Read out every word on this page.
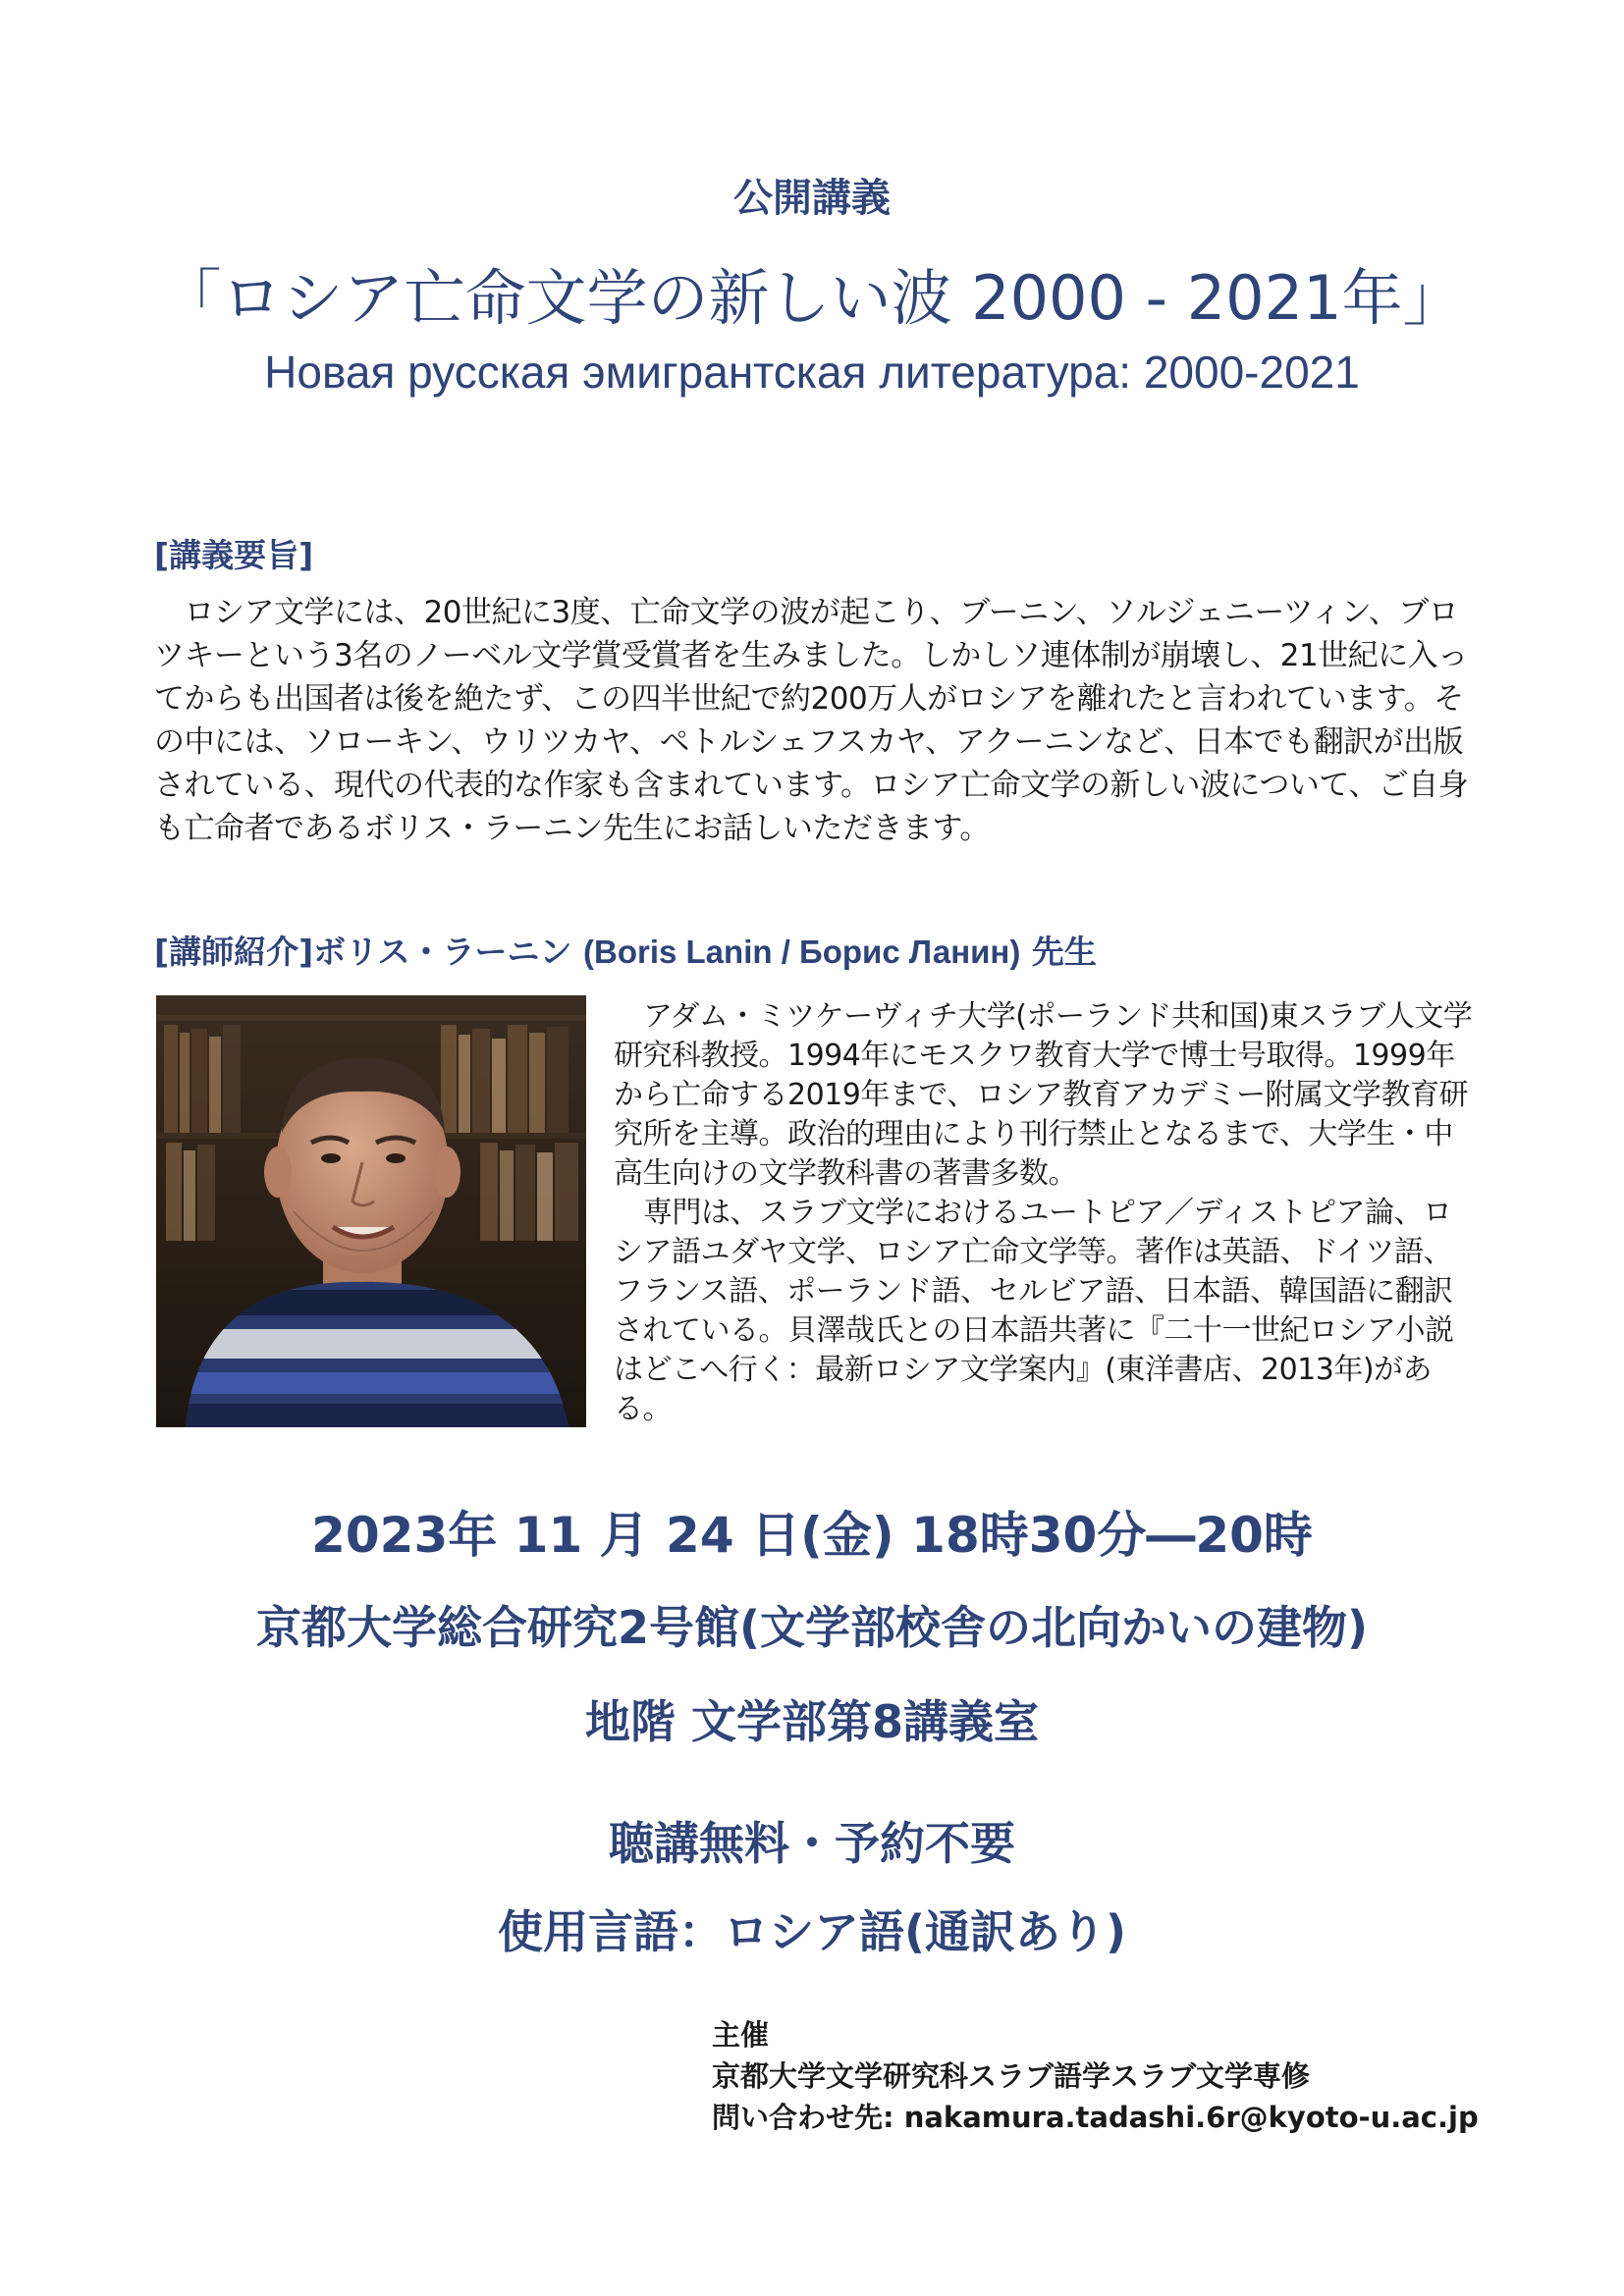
公開講義
「ロシア亡命文学の新しい波 2000 - 2021年」
Новая русская эмигрантская литература: 2000-2021
[講義要旨]

　ロシア文学には、20世紀に3度、亡命文学の波が起こり、ブーニン、ソルジェニーツィン、ブロツキーという3名のノーベル文学賞受賞者を生みました。しかしソ連体制が崩壊し、21世紀に入ってからも出国者は後を絶たず、この四半世紀で約200万人がロシアを離れたと言われています。その中には、ソローキン、ウリツカヤ、ペトルシェフスカヤ、アクーニンなど、日本でも翻訳が出版されている、現代の代表的な作家も含まれています。ロシア亡命文学の新しい波について、ご自身も亡命者であるボリス・ラーニン先生にお話しいただきます。

[講師紹介]ボリス・ラーニン (Boris Lanin / Борис Ланин) 先生

アダム・ミツケーヴィチ大学(ポーランド共和国)東スラブ人文学研究科教授。1994年にモスクワ教育大学で博士号取得。1999年から亡命する2019年まで、ロシア教育アカデミー附属文学教育研究所を主導。政治的理由により刊行禁止となるまで、大学生・中高生向けの文学教科書の著書多数。

専門は、スラブ文学におけるユートピア／ディストピア論、ロシア語ユダヤ文学、ロシア亡命文学等。著作は英語、ドイツ語、フランス語、ポーランド語、セルビア語、日本語、韓国語に翻訳されている。貝澤哉氏との日本語共著に『二十一世紀ロシア小説はどこへ行く：最新ロシア文学案内』(東洋書店、2013年)がある。

2023年 11 月 24 日(金) 18時30分―20時
京都大学総合研究2号館(文学部校舎の北向かいの建物)
地階 文学部第8講義室
聴講無料・予約不要
使用言語：ロシア語(通訳あり)
主催
京都大学文学研究科スラブ語学スラブ文学専修
問い合わせ先: nakamura.tadashi.6r@kyoto-u.ac.jp
